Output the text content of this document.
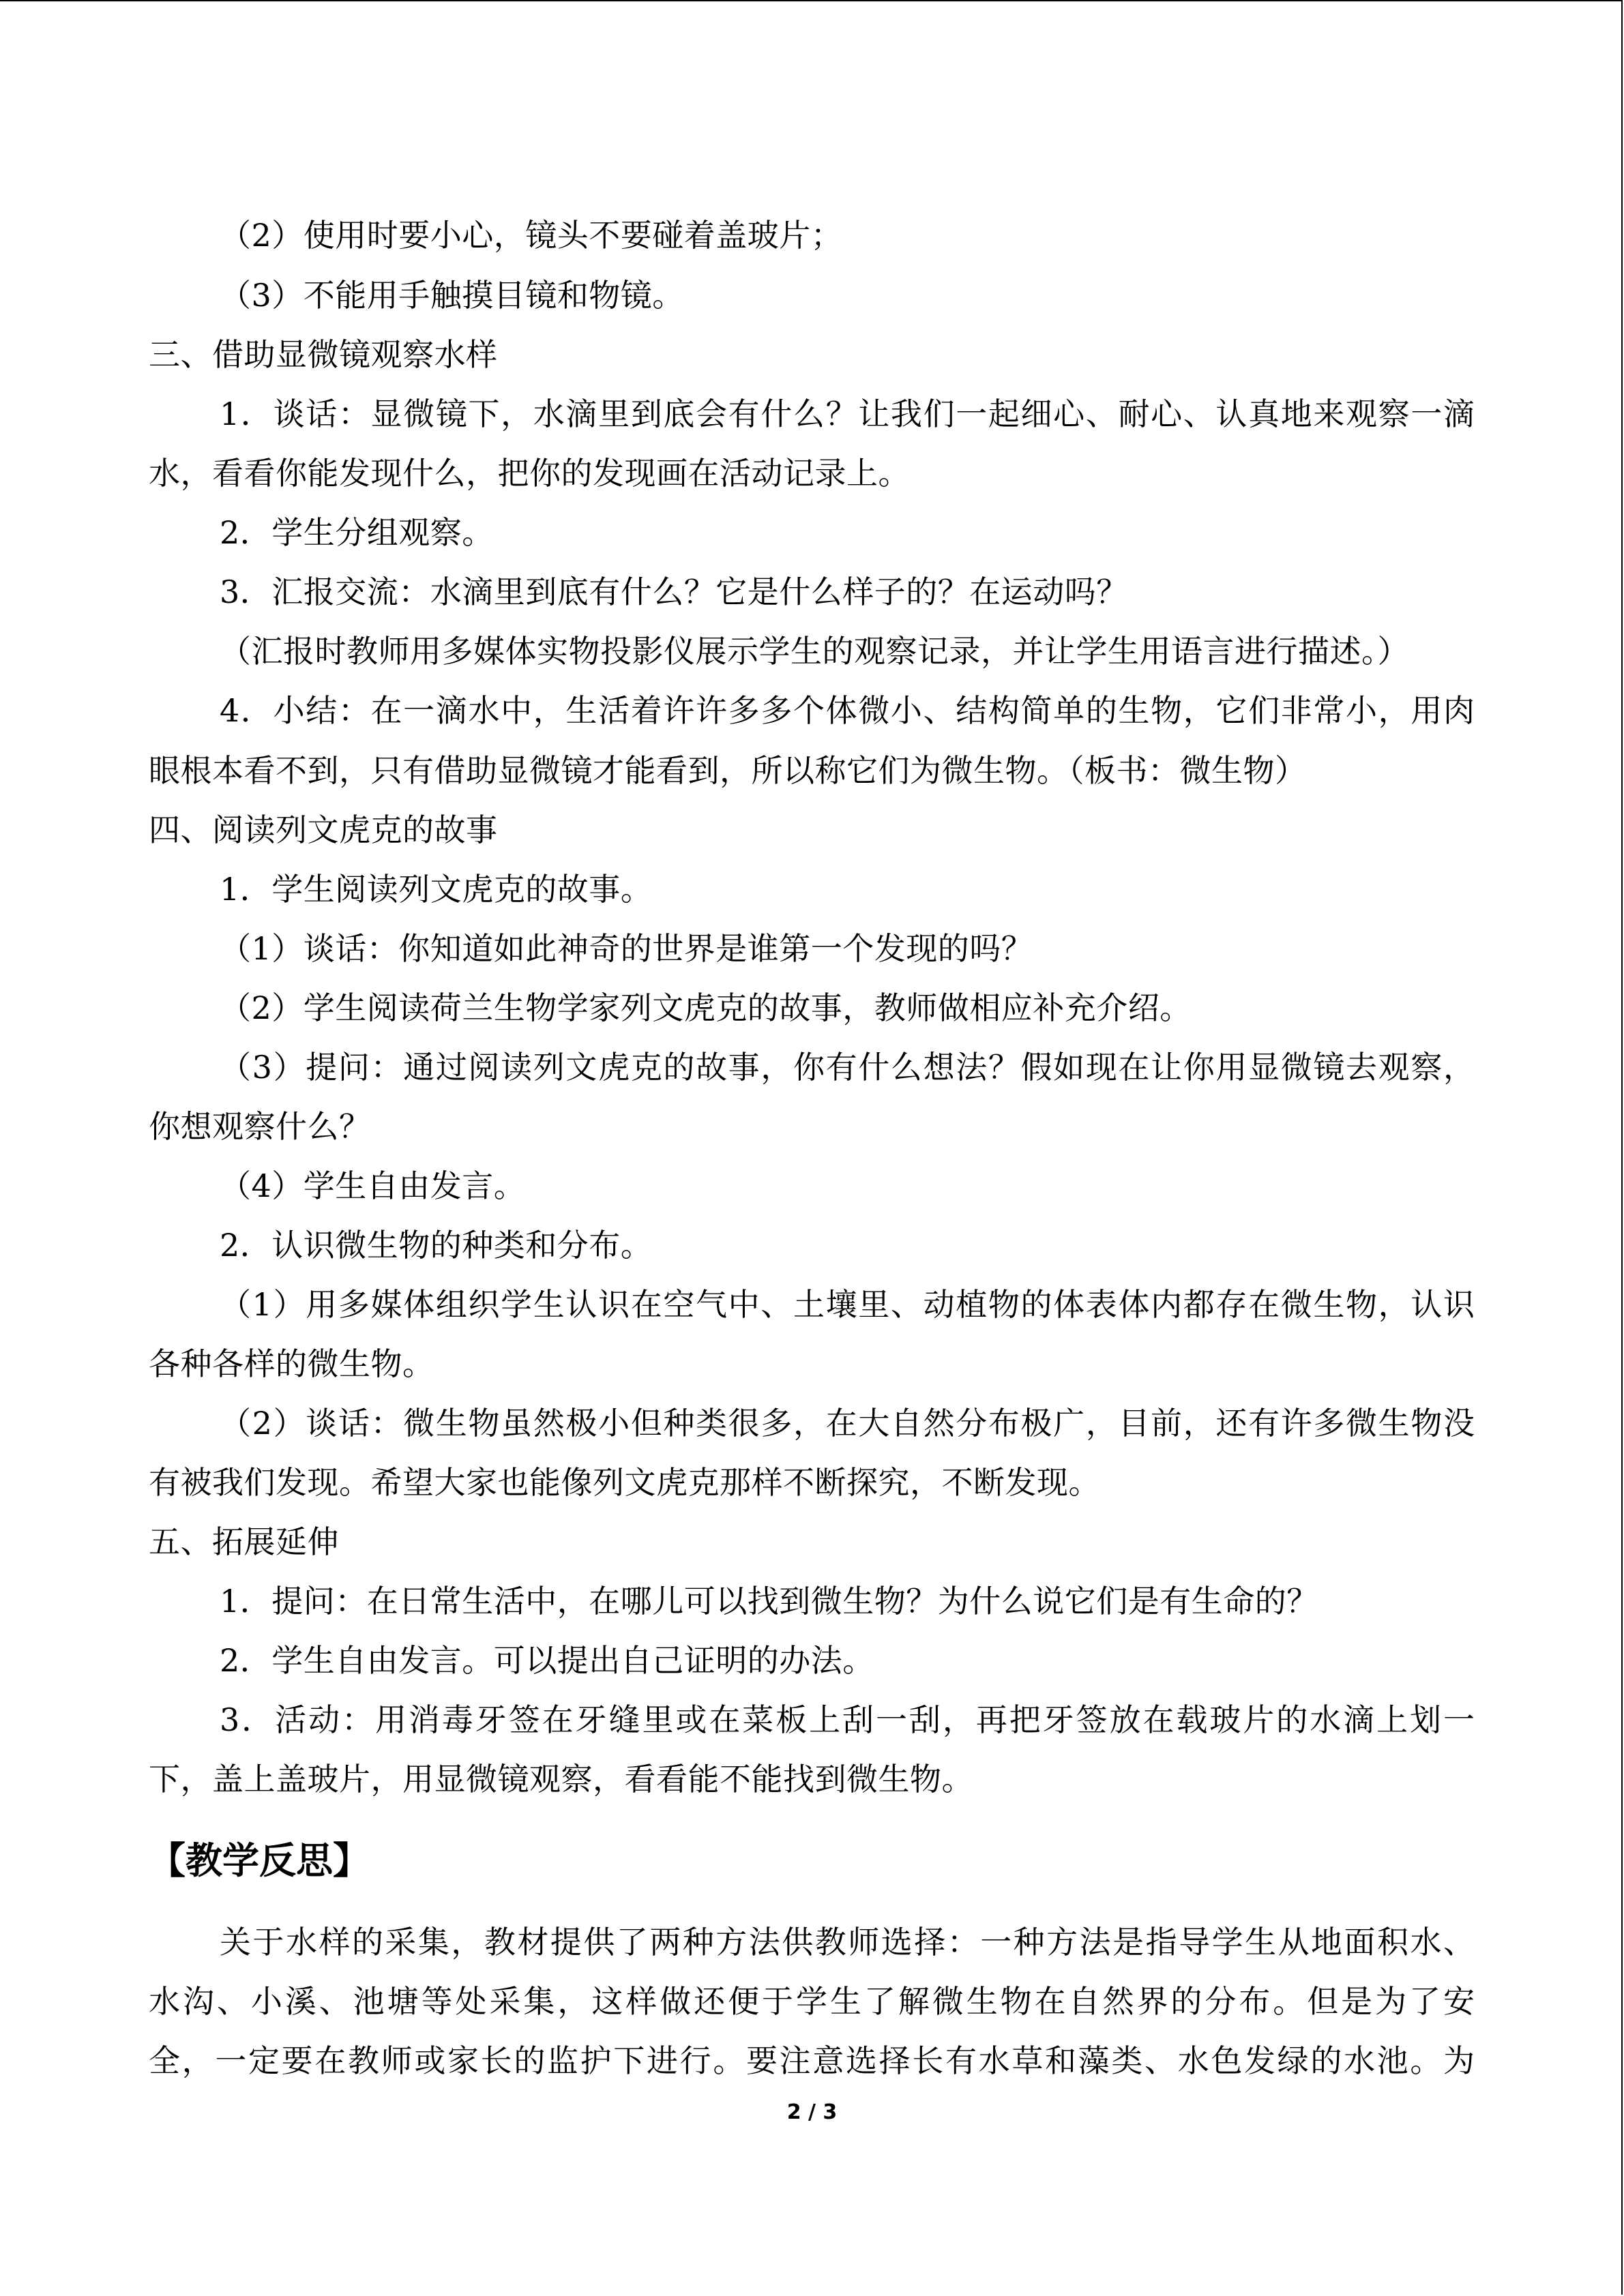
（2）使用时要小心，镜头不要碰着盖玻片；
（3）不能用手触摸目镜和物镜。
三、借助显微镜观察水样
1．谈话：显微镜下，水滴里到底会有什么？让我们一起细心、耐心、认真地来观察一滴
水，看看你能发现什么，把你的发现画在活动记录上。
2．学生分组观察。
3．汇报交流：水滴里到底有什么？它是什么样子的？在运动吗？
（汇报时教师用多媒体实物投影仪展示学生的观察记录，并让学生用语言进行描述。）
4．小结：在一滴水中，生活着许许多多个体微小、结构简单的生物，它们非常小，用肉
眼根本看不到，只有借助显微镜才能看到，所以称它们为微生物。（板书：微生物）
四、阅读列文虎克的故事
1．学生阅读列文虎克的故事。
（1）谈话：你知道如此神奇的世界是谁第一个发现的吗？
（2）学生阅读荷兰生物学家列文虎克的故事，教师做相应补充介绍。
（3）提问：通过阅读列文虎克的故事，你有什么想法？假如现在让你用显微镜去观察，
你想观察什么？
（4）学生自由发言。
2．认识微生物的种类和分布。
（1）用多媒体组织学生认识在空气中、土壤里、动植物的体表体内都存在微生物，认识
各种各样的微生物。
（2）谈话：微生物虽然极小但种类很多，在大自然分布极广，目前，还有许多微生物没
有被我们发现。希望大家也能像列文虎克那样不断探究，不断发现。
五、拓展延伸
1．提问：在日常生活中，在哪儿可以找到微生物？为什么说它们是有生命的？
2．学生自由发言。可以提出自己证明的办法。
3．活动：用消毒牙签在牙缝里或在菜板上刮一刮，再把牙签放在载玻片的水滴上划一
下，盖上盖玻片，用显微镜观察，看看能不能找到微生物。
【教学反思】
关于水样的采集，教材提供了两种方法供教师选择：一种方法是指导学生从地面积水、
水沟、小溪、池塘等处采集，这样做还便于学生了解微生物在自然界的分布。但是为了安
全，一定要在教师或家长的监护下进行。要注意选择长有水草和藻类、水色发绿的水池。为
2 / 3
